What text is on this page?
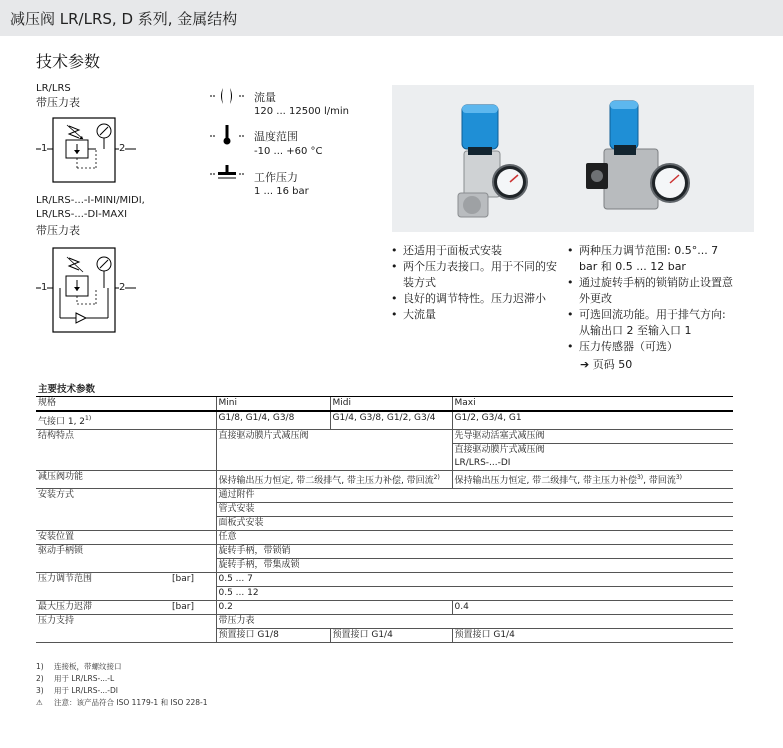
减压阀 LR/LRS, D 系列, 金属结构
技术参数
LR/LRS
带压力表
1	2
LR/LRS-...-I-MINI/MIDI,
LR/LRS-...-DI-MAXI
带压力表
1	2
流量
120 ... 12500 l/min
温度范围
-10 ... +60 °C
工作压力
1 ... 16 bar
• 还适用于面板式安装
• 两个压力表接口。用于不同的安装方式
• 良好的调节特性。压力迟滞小
• 大流量
• 两种压力调节范围: 0.5°... 7 bar 和 0.5 ... 12 bar
• 通过旋转手柄的锁销防止设置意外更改
• 可选回流功能。用于排气方向: 从输出口 2 至输入口 1
• 压力传感器（可选）
➔ 页码 50
主要技术参数			
规格	Mini	Midi	Maxi
气接口 1, 2$^{1)}$	G1/8, G1/4, G3/8	G1/4, G3/8, G1/2, G3/4	G1/2, G3/4, G1
结构特点	直接驱动膜片式减压阀		先导驱动活塞式减压阀
			直接驱动膜片式减压阀
			LR/LRS-...-DI
减压阀功能	保持输出压力恒定, 带二级排气, 带主压力补偿, 带回流$^{2)}$		保持输出压力恒定, 带二级排气, 带主压力补偿$^{3)}$, 带回流$^{3)}$
安装方式	通过附件		
	管式安装		
	面板式安装		
安装位置	任意		
驱动手柄锁	旋转手柄，带锁销		
	旋转手柄，带集成锁		
压力调节范围 [bar]	0.5 ... 7		
	0.5 ... 12		
最大压力迟滞 [bar]	0.2		0.4
压力支持	带压力表		
	预置接口 G1/8	预置接口 G1/4	预置接口 G1/4
1) 连接板，带螺纹接口
2) 用于 LR/LRS-...-L
3) 用于 LR/LRS-...-DI
⚠ 注意：该产品符合 ISO 1179-1 和 ISO 228-1
